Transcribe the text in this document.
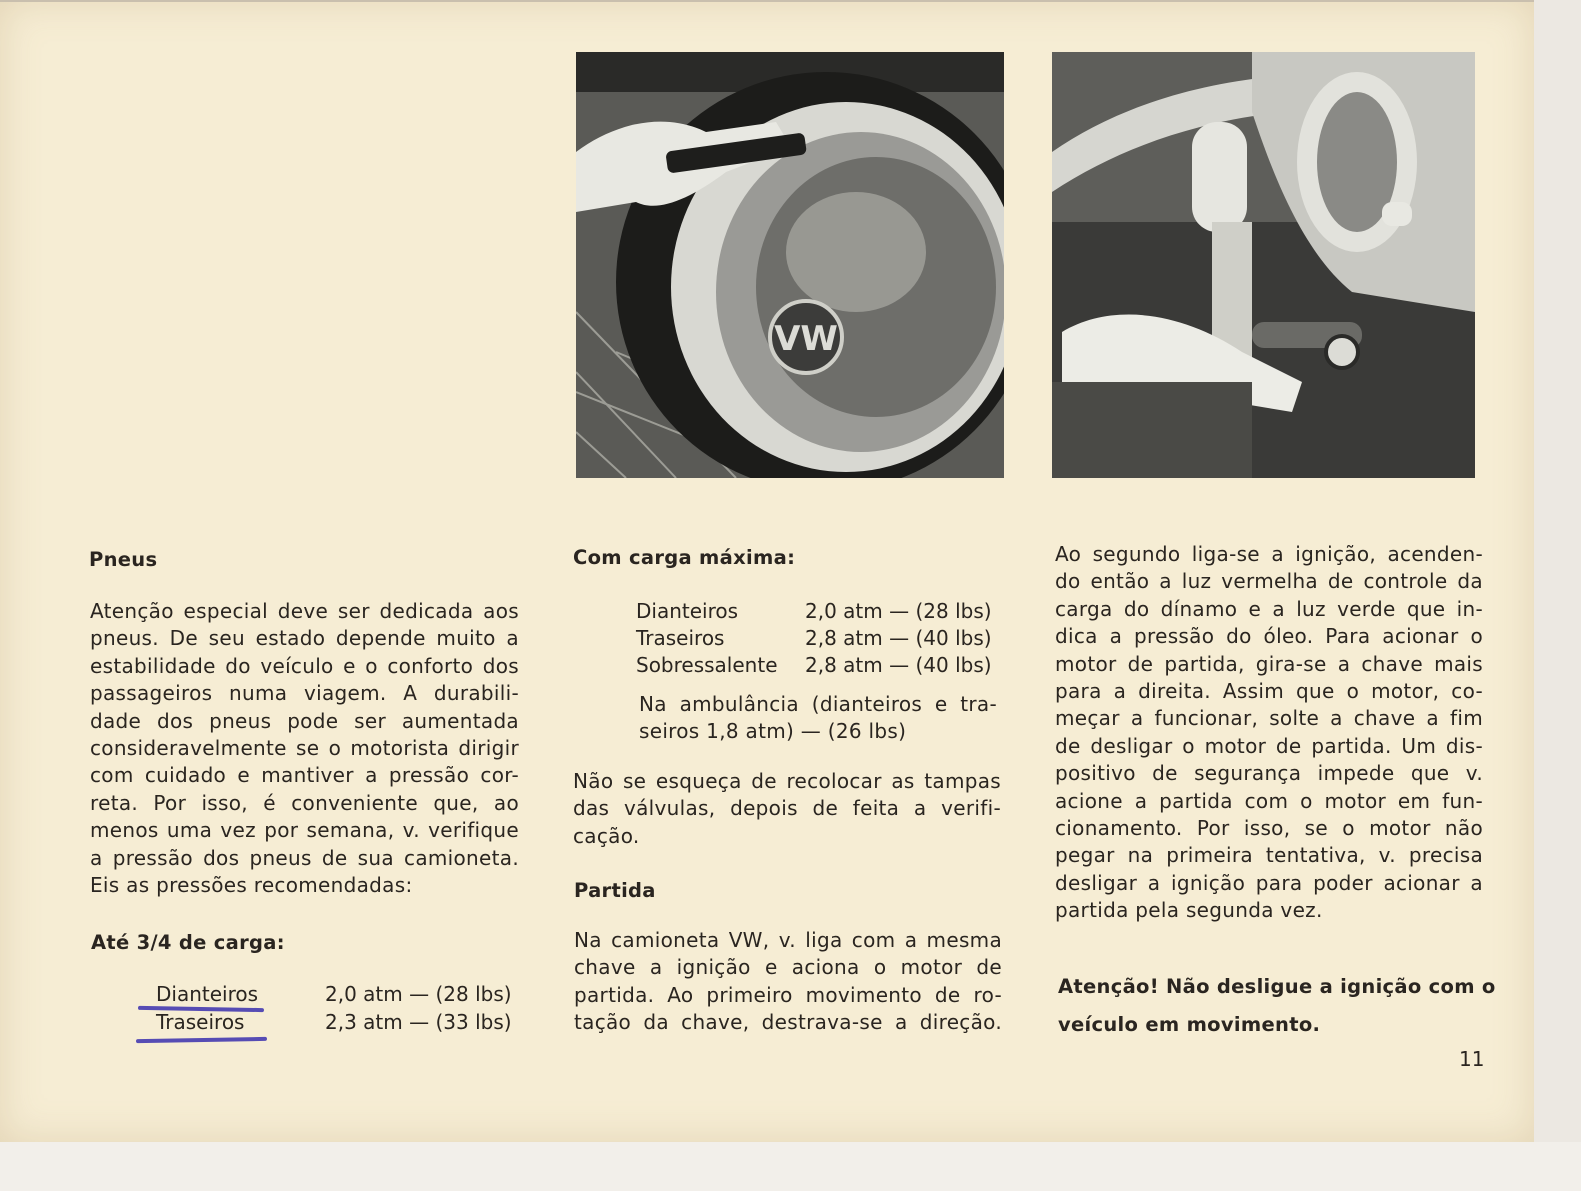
VW
Pneus
Atenção especial deve ser dedicada aos
pneus. De seu estado depende muito a
estabilidade do veículo e o conforto dos
passageiros numa viagem. A durabili-
dade dos pneus pode ser aumentada
consideravelmente se o motorista dirigir
com cuidado e mantiver a pressão cor-
reta. Por isso, é conveniente que, ao
menos uma vez por semana, v. verifique
a pressão dos pneus de sua camioneta.
Eis as pressões recomendadas:
Até 3/4 de carga:
Dianteiros	2,0 atm — (28 lbs)
Traseiros	2,3 atm — (33 lbs)
Com carga máxima:
Dianteiros	2,0 atm — (28 lbs)
Traseiros	2,8 atm — (40 lbs)
Sobressalente 2,8 atm — (40 lbs)
Na ambulância (dianteiros e tra-
seiros 1,8 atm) — (26 lbs)
Não se esqueça de recolocar as tampas
das válvulas, depois de feita a verifi-
cação.
Partida
Na camioneta VW, v. liga com a mesma
chave a ignição e aciona o motor de
partida. Ao primeiro movimento de ro-
tação da chave, destrava-se a direção.
Ao segundo liga-se a ignição, acenden-
do então a luz vermelha de controle da
carga do dínamo e a luz verde que in-
dica a pressão do óleo. Para acionar o
motor de partida, gira-se a chave mais
para a direita. Assim que o motor, co-
meçar a funcionar, solte a chave a fim
de desligar o motor de partida. Um dis-
positivo de segurança impede que v.
acione a partida com o motor em fun-
cionamento. Por isso, se o motor não
pegar na primeira tentativa, v. precisa
desligar a ignição para poder acionar a
partida pela segunda vez.
Atenção! Não desligue a ignição com o
veículo em movimento.
11
